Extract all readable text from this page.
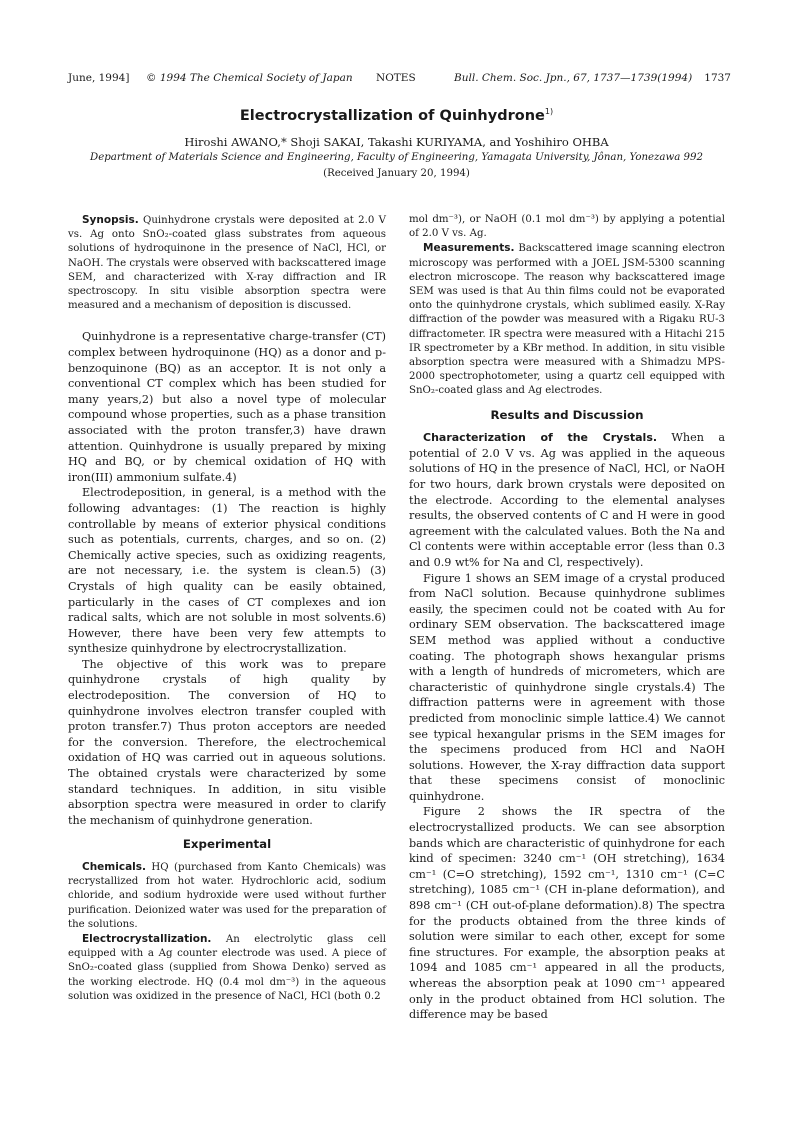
June, 1994] © 1994 The Chemical Society of Japan NOTES	Bull. Chem. Soc. Jpn., 67, 1737—1739(1994) 1737
Electrocrystallization of Quinhydrone$^{1)}$
Hiroshi AWANO,* Shoji SAKAI, Takashi KURIYAMA, and Yoshihiro OHBA
Department of Materials Science and Engineering, Faculty of Engineering, Yamagata University, Jônan, Yonezawa 992
(Received January 20, 1994)

Synopsis. Quinhydrone crystals were deposited at 2.0 V vs. Ag onto SnO₂-coated glass substrates from aqueous solutions of hydroquinone in the presence of NaCl, HCl, or NaOH. The crystals were observed with backscattered image SEM, and characterized with X-ray diffraction and IR spectroscopy. In situ visible absorption spectra were measured and a mechanism of deposition is discussed.

Quinhydrone is a representative charge-transfer (CT) complex between hydroquinone (HQ) as a donor and p-benzoquinone (BQ) as an acceptor. It is not only a conventional CT complex which has been studied for many years,2) but also a novel type of molecular compound whose properties, such as a phase transition associated with the proton transfer,3) have drawn attention. Quinhydrone is usually prepared by mixing HQ and BQ, or by chemical oxidation of HQ with iron(III) ammonium sulfate.4)

Electrodeposition, in general, is a method with the following advantages: (1) The reaction is highly controllable by means of exterior physical conditions such as potentials, currents, charges, and so on. (2) Chemically active species, such as oxidizing reagents, are not necessary, i.e. the system is clean.5) (3) Crystals of high quality can be easily obtained, particularly in the cases of CT complexes and ion radical salts, which are not soluble in most solvents.6) However, there have been very few attempts to synthesize quinhydrone by electrocrystallization.

The objective of this work was to prepare quinhydrone crystals of high quality by electrodeposition. The conversion of HQ to quinhydrone involves electron transfer coupled with proton transfer.7) Thus proton acceptors are needed for the conversion. Therefore, the electrochemical oxidation of HQ was carried out in aqueous solutions. The obtained crystals were characterized by some standard techniques. In addition, in situ visible absorption spectra were measured in order to clarify the mechanism of quinhydrone generation.

Experimental

Chemicals. HQ (purchased from Kanto Chemicals) was recrystallized from hot water. Hydrochloric acid, sodium chloride, and sodium hydroxide were used without further purification. Deionized water was used for the preparation of the solutions.

Electrocrystallization. An electrolytic glass cell equipped with a Ag counter electrode was used. A piece of SnO₂-coated glass (supplied from Showa Denko) served as the working electrode. HQ (0.4 mol dm⁻³) in the aqueous solution was oxidized in the presence of NaCl, HCl (both 0.2

mol dm⁻³), or NaOH (0.1 mol dm⁻³) by applying a potential of 2.0 V vs. Ag.

Measurements. Backscattered image scanning electron microscopy was performed with a JOEL JSM-5300 scanning electron microscope. The reason why backscattered image SEM was used is that Au thin films could not be evaporated onto the quinhydrone crystals, which sublimed easily. X-Ray diffraction of the powder was measured with a Rigaku RU-3 diffractometer. IR spectra were measured with a Hitachi 215 IR spectrometer by a KBr method. In addition, in situ visible absorption spectra were measured with a Shimadzu MPS-2000 spectrophotometer, using a quartz cell equipped with SnO₂-coated glass and Ag electrodes.

Results and Discussion

Characterization of the Crystals. When a potential of 2.0 V vs. Ag was applied in the aqueous solutions of HQ in the presence of NaCl, HCl, or NaOH for two hours, dark brown crystals were deposited on the electrode. According to the elemental analyses results, the observed contents of C and H were in good agreement with the calculated values. Both the Na and Cl contents were within acceptable error (less than 0.3 and 0.9 wt% for Na and Cl, respectively).

Figure 1 shows an SEM image of a crystal produced from NaCl solution. Because quinhydrone sublimes easily, the specimen could not be coated with Au for ordinary SEM observation. The backscattered image SEM method was applied without a conductive coating. The photograph shows hexangular prisms with a length of hundreds of micrometers, which are characteristic of quinhydrone single crystals.4) The diffraction patterns were in agreement with those predicted from monoclinic simple lattice.4) We cannot see typical hexangular prisms in the SEM images for the specimens produced from HCl and NaOH solutions. However, the X-ray diffraction data support that these specimens consist of monoclinic quinhydrone.

Figure 2 shows the IR spectra of the electrocrystallized products. We can see absorption bands which are characteristic of quinhydrone for each kind of specimen: 3240 cm⁻¹ (OH stretching), 1634 cm⁻¹ (C=O stretching), 1592 cm⁻¹, 1310 cm⁻¹ (C=C stretching), 1085 cm⁻¹ (CH in-plane deformation), and 898 cm⁻¹ (CH out-of-plane deformation).8) The spectra for the products obtained from the three kinds of solution were similar to each other, except for some fine structures. For example, the absorption peaks at 1094 and 1085 cm⁻¹ appeared in all the products, whereas the absorption peak at 1090 cm⁻¹ appeared only in the product obtained from HCl solution. The difference may be based
